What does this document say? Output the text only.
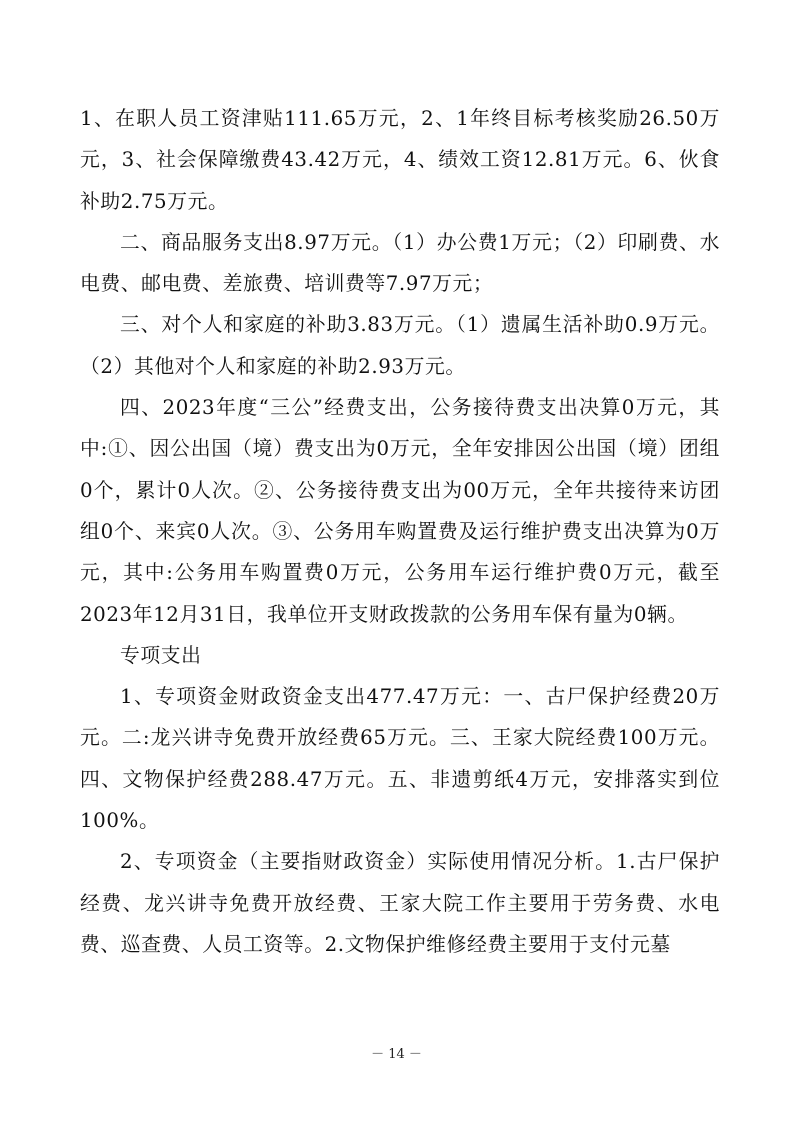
1、在职人员工资津贴111.65万元，2、1年终目标考核奖励26.50万元，3、社会保障缴费43.42万元，4、绩效工资12.81万元。6、伙食补助2.75万元。

二、商品服务支出8.97万元。（1）办公费1万元；（2）印刷费、水电费、邮电费、差旅费、培训费等7.97万元；

三、对个人和家庭的补助3.83万元。（1）遗属生活补助0.9万元。（2）其他对个人和家庭的补助2.93万元。

四、2023年度“三公”经费支出，公务接待费支出决算0万元，其中:①、因公出国（境）费支出为0万元，全年安排因公出国（境）团组0个，累计0人次。②、公务接待费支出为00万元，全年共接待来访团组0个、来宾0人次。③、公务用车购置费及运行维护费支出决算为0万元，其中:公务用车购置费0万元，公务用车运行维护费0万元，截至2023年12月31日，我单位开支财政拨款的公务用车保有量为0辆。

专项支出

1、专项资金财政资金支出477.47万元：一、古尸保护经费20万元。二:龙兴讲寺免费开放经费65万元。三、王家大院经费100万元。四、文物保护经费288.47万元。五、非遗剪纸4万元，安排落实到位100%。

2、专项资金（主要指财政资金）实际使用情况分析。1.古尸保护经费、龙兴讲寺免费开放经费、王家大院工作主要用于劳务费、水电费、巡查费、人员工资等。2.文物保护维修经费主要用于支付元墓

－ 14 －
